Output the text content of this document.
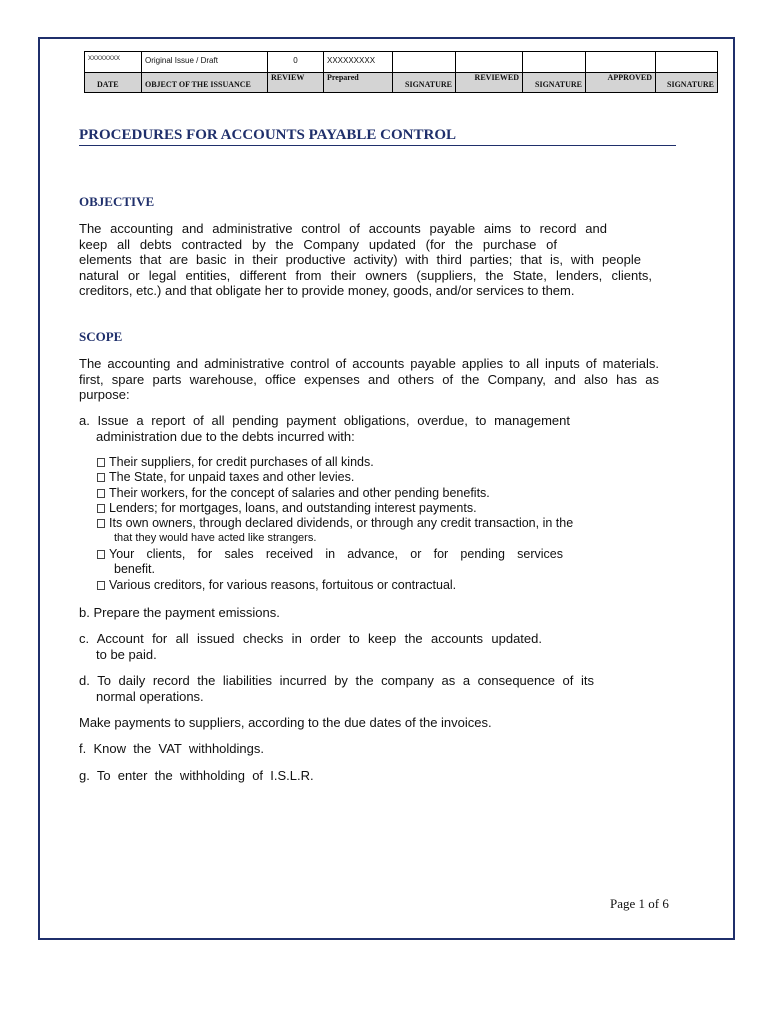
XXXXXXXX	Original Issue / Draft	0	XXXXXXXXX					
DATE	OBJECT OF THE ISSUANCE	REVIEW	Prepared	SIGNATURE	REVIEWED	SIGNATURE	APPROVED	SIGNATURE
PROCEDURES FOR ACCOUNTS PAYABLE CONTROL
OBJECTIVE
The accounting and administrative control of accounts payable aims to record and
keep all debts contracted by the Company updated (for the purchase of
elements that are basic in their productive activity) with third parties; that is, with people
natural or legal entities, different from their owners (suppliers, the State, lenders, clients,
creditors, etc.) and that obligate her to provide money, goods, and/or services to them.
SCOPE
The accounting and administrative control of accounts payable applies to all inputs of materials.
first, spare parts warehouse, office expenses and others of the Company, and also has as
purpose:
a. Issue a report of all pending payment obligations, overdue, to management
administration due to the debts incurred with:
Their suppliers, for credit purchases of all kinds.
The State, for unpaid taxes and other levies.
Their workers, for the concept of salaries and other pending benefits.
Lenders; for mortgages, loans, and outstanding interest payments.
Its own owners, through declared dividends, or through any credit transaction, in the
that they would have acted like strangers.
Your clients, for sales received in advance, or for pending services
benefit.
Various creditors, for various reasons, fortuitous or contractual.
b. Prepare the payment emissions.
c. Account for all issued checks in order to keep the accounts updated.
to be paid.
d. To daily record the liabilities incurred by the company as a consequence of its
normal operations.
Make payments to suppliers, according to the due dates of the invoices.
f.  Know  the  VAT  withholdings.
g.  To  enter  the  withholding  of  I.S.L.R.

Page 1 of 6
